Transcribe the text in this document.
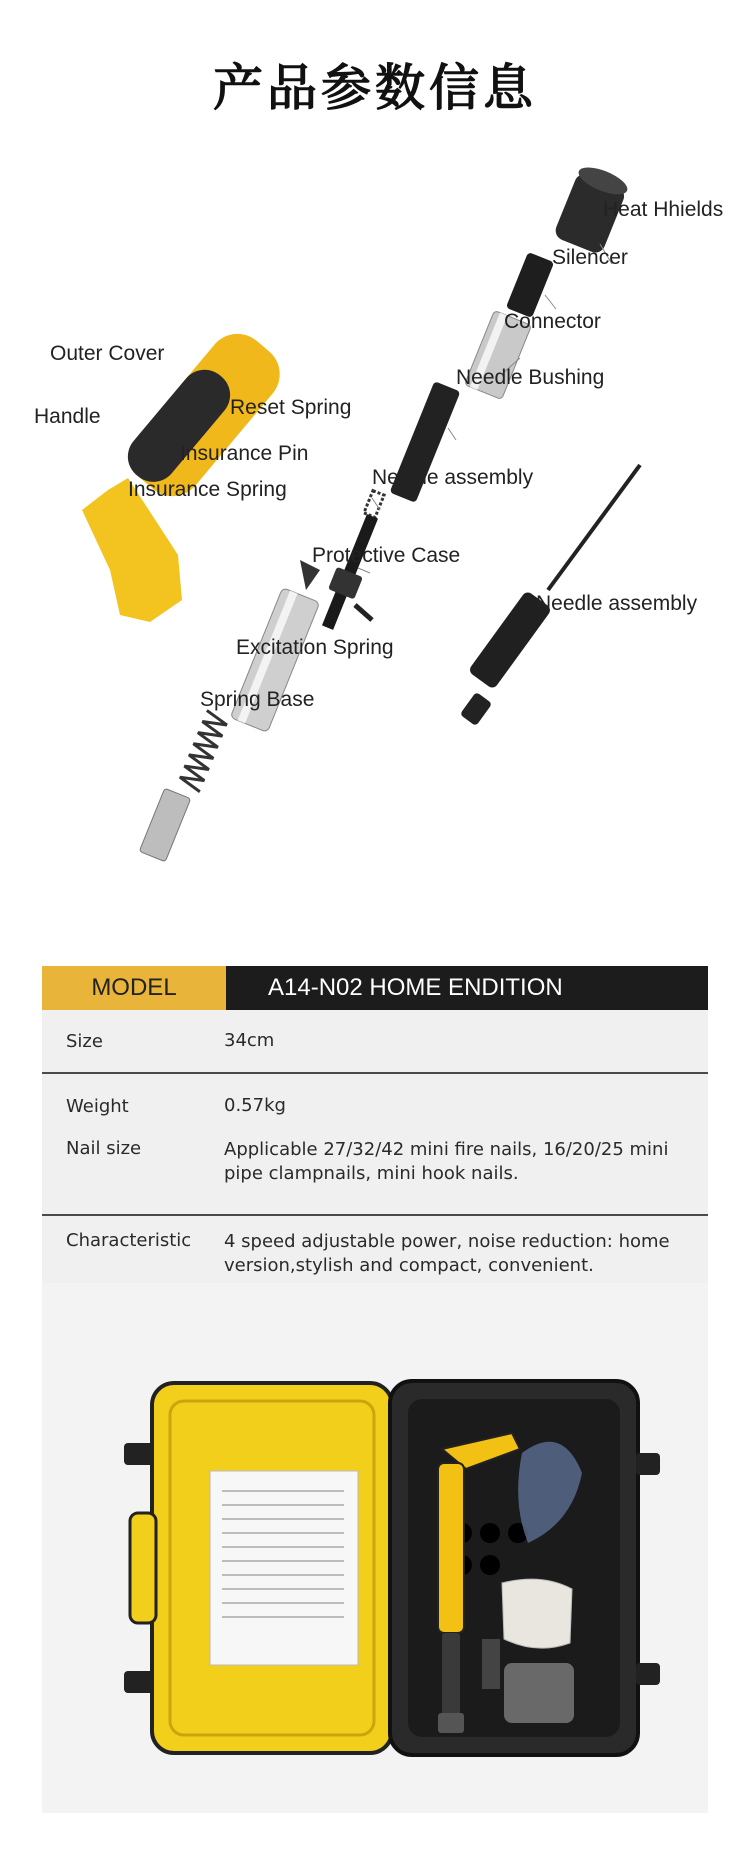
产品参数信息
Heat Hhields
Silencer
Connector
Outer Cover
Needle Bushing
Handle	Reset Spring
Insurance Pin
Needle assembly
Insurance Spring
Protective Case
Needle assembly
Excitation Spring
Spring Base
MODEL	A14-N02 HOME ENDITION
Size	34cm
Weight	0.57kg
Nail size	Applicable 27/32/42 mini fire nails, 16/20/25 mini pipe clampnails, mini hook nails.
Characteristic	4 speed adjustable power, noise reduction: home version,stylish and compact, convenient.
